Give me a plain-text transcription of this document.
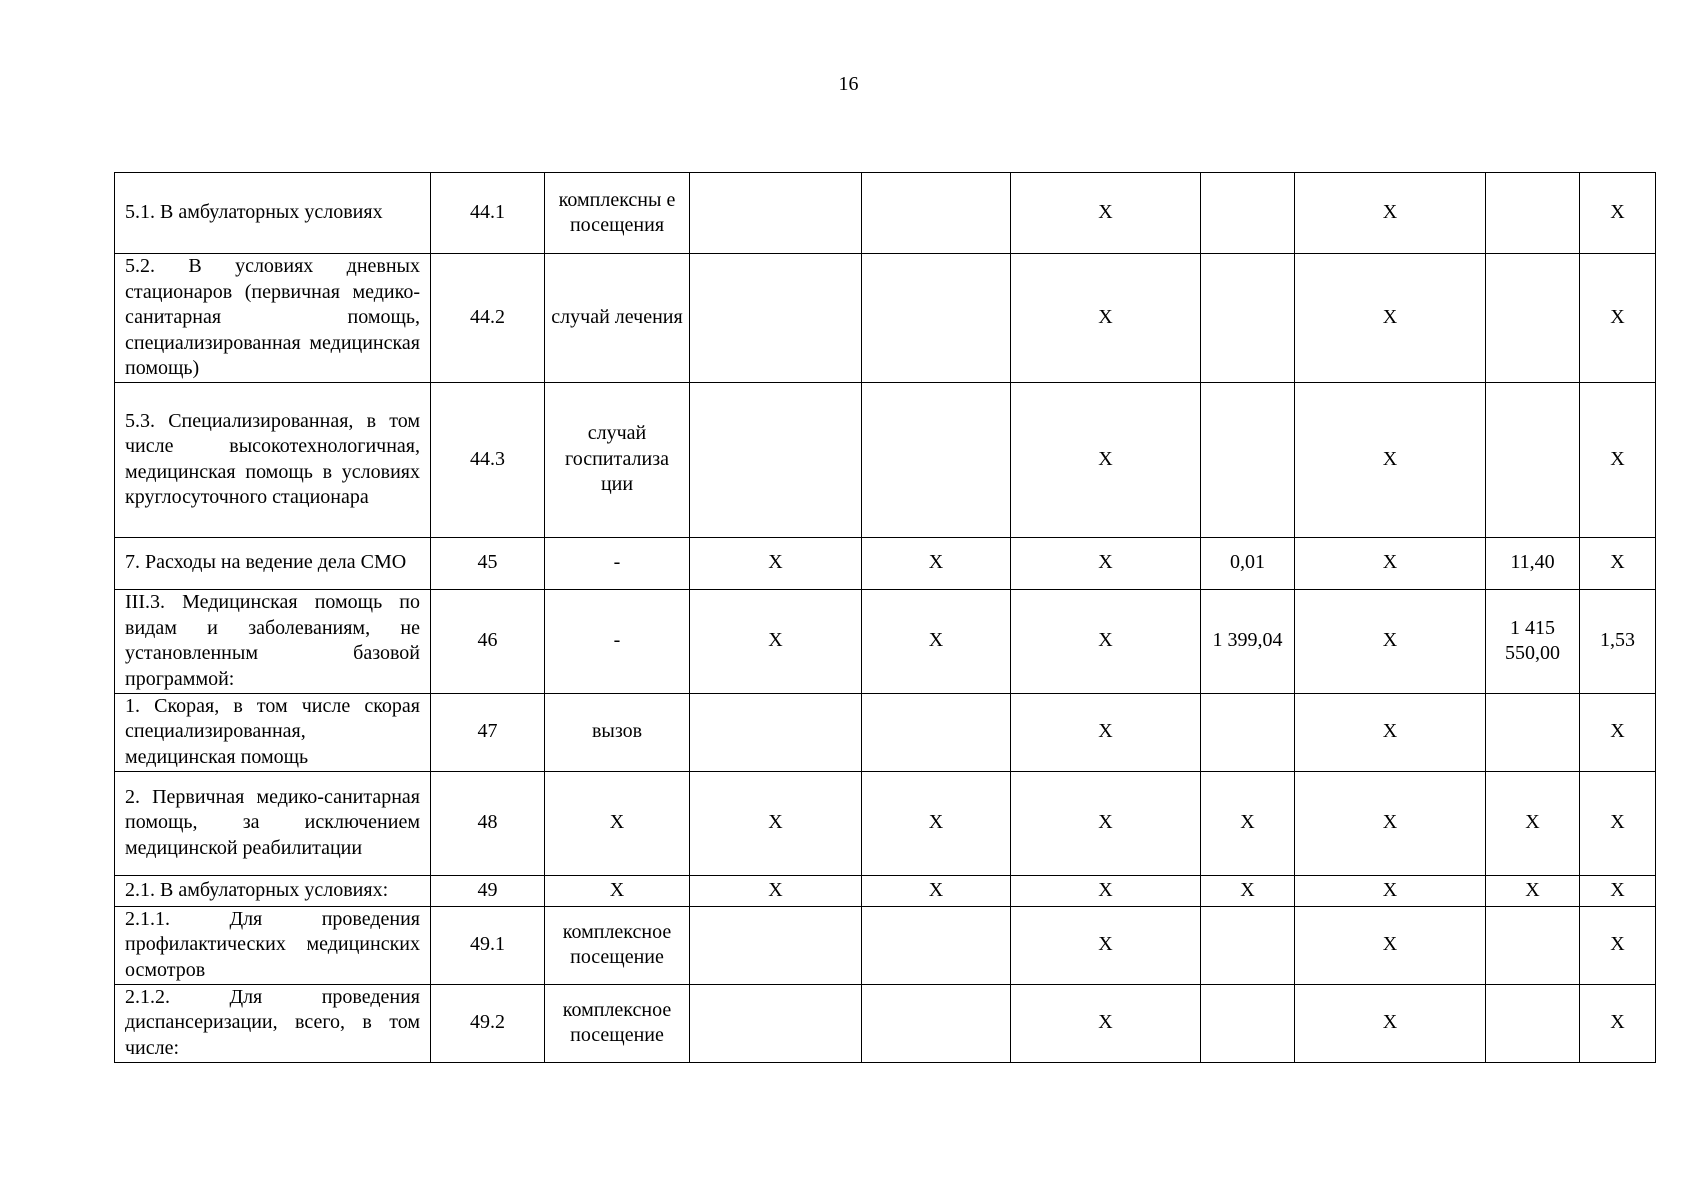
16
5.1. В амбулаторных условиях	44.1	комплексны е посещения			Х		Х		Х
5.2. В условиях дневных стационаров (первичная медико-санитарная помощь, специализированная медицинская помощь)	44.2	случай лечения			Х		Х		Х
5.3. Специализированная, в том числе высокотехнологичная, медицинская помощь в условиях круглосуточного стационара	44.3	случай госпитализа ции			Х		Х		Х
7. Расходы на ведение дела СМО	45	-	Х	Х	Х	0,01	Х	11,40	Х
III.3. Медицинская помощь по видам и заболеваниям, не установленным базовой программой:	46	-	Х	Х	Х	1 399,04	Х	1 415 550,00	1,53
1. Скорая, в том числе скорая специализированная, медицинская помощь	47	вызов			Х		Х		Х
2. Первичная медико-санитарная помощь, за исключением медицинской реабилитации	48	Х	Х	Х	Х	Х	Х	Х	Х
2.1. В амбулаторных условиях:	49	Х	Х	Х	Х	Х	Х	Х	Х
2.1.1. Для проведения профилактических медицинских осмотров	49.1	комплексное посещение			Х		Х		Х
2.1.2. Для проведения диспансеризации, всего, в том числе:	49.2	комплексное посещение			Х		Х		Х
